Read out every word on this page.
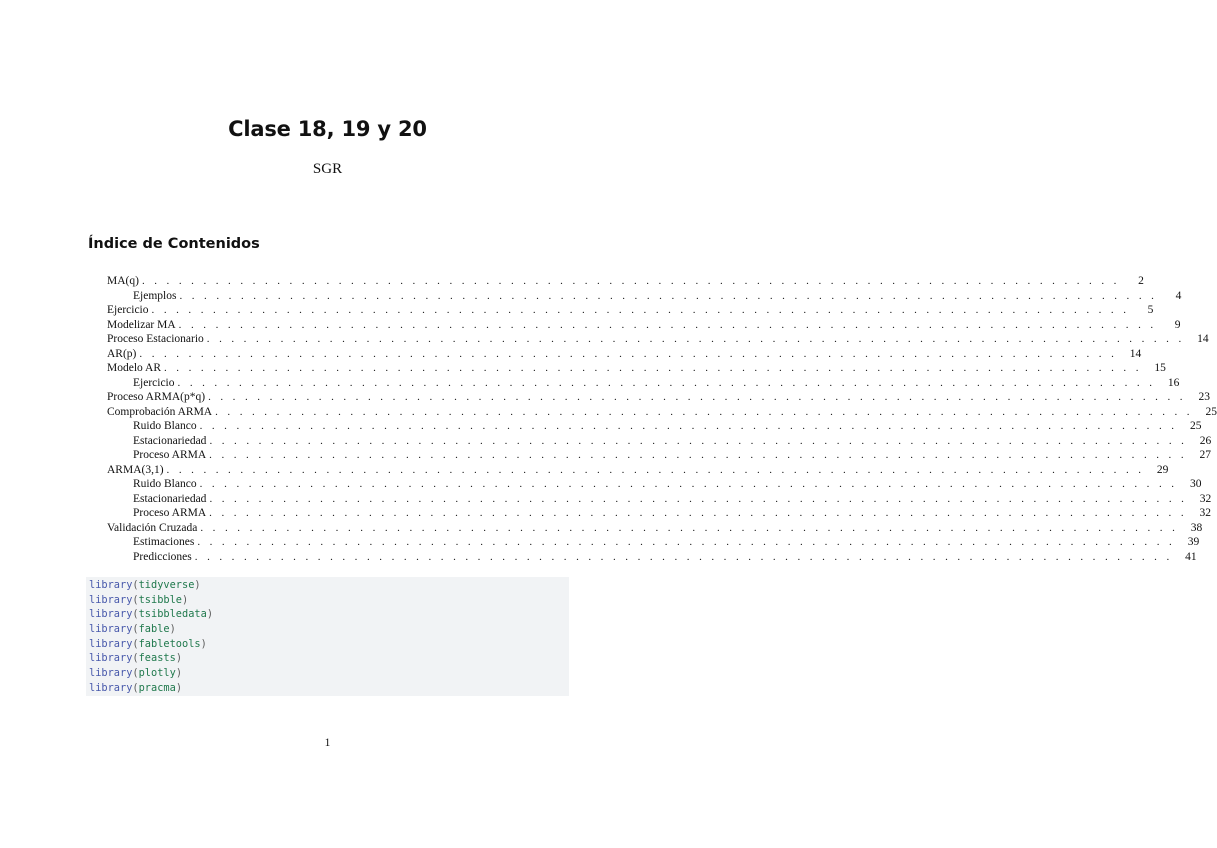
Clase 18, 19 y 20
SGR
Índice de Contenidos
MA(q) . . . . . . . . . . . . . . . . . . . . . . . . . . . . . . . . . . . . . . . . . . . . . . . . . . . . . . . . . . . . . . . . . . . . . . . . . . . . . . . .	2
Ejemplos . . . . . . . . . . . . . . . . . . . . . . . . . . . . . . . . . . . . . . . . . . . . . . . . . . . . . . . . . . . . . . . . . . . . . . . . . . . . . . . .	4
Ejercicio . . . . . . . . . . . . . . . . . . . . . . . . . . . . . . . . . . . . . . . . . . . . . . . . . . . . . . . . . . . . . . . . . . . . . . . . . . . . . . . .	5
Modelizar MA . . . . . . . . . . . . . . . . . . . . . . . . . . . . . . . . . . . . . . . . . . . . . . . . . . . . . . . . . . . . . . . . . . . . . . . . . . . . . . . .	9
Proceso Estacionario . . . . . . . . . . . . . . . . . . . . . . . . . . . . . . . . . . . . . . . . . . . . . . . . . . . . . . . . . . . . . . . . . . . . . . . . . . . . . . . .	14
AR(p) . . . . . . . . . . . . . . . . . . . . . . . . . . . . . . . . . . . . . . . . . . . . . . . . . . . . . . . . . . . . . . . . . . . . . . . . . . . . . . . .	14
Modelo AR . . . . . . . . . . . . . . . . . . . . . . . . . . . . . . . . . . . . . . . . . . . . . . . . . . . . . . . . . . . . . . . . . . . . . . . . . . . . . . . .	15
Ejercicio . . . . . . . . . . . . . . . . . . . . . . . . . . . . . . . . . . . . . . . . . . . . . . . . . . . . . . . . . . . . . . . . . . . . . . . . . . . . . . . .	16
Proceso ARMA(p*q) . . . . . . . . . . . . . . . . . . . . . . . . . . . . . . . . . . . . . . . . . . . . . . . . . . . . . . . . . . . . . . . . . . . . . . . . . . . . . . . .	23
Comprobación ARMA . . . . . . . . . . . . . . . . . . . . . . . . . . . . . . . . . . . . . . . . . . . . . . . . . . . . . . . . . . . . . . . . . . . . . . . . . . . . . . . .	25
Ruido Blanco . . . . . . . . . . . . . . . . . . . . . . . . . . . . . . . . . . . . . . . . . . . . . . . . . . . . . . . . . . . . . . . . . . . . . . . . . . . . . . . .	25
Estacionariedad . . . . . . . . . . . . . . . . . . . . . . . . . . . . . . . . . . . . . . . . . . . . . . . . . . . . . . . . . . . . . . . . . . . . . . . . . . . . . . . .	26
Proceso ARMA . . . . . . . . . . . . . . . . . . . . . . . . . . . . . . . . . . . . . . . . . . . . . . . . . . . . . . . . . . . . . . . . . . . . . . . . . . . . . . . .	27
ARMA(3,1) . . . . . . . . . . . . . . . . . . . . . . . . . . . . . . . . . . . . . . . . . . . . . . . . . . . . . . . . . . . . . . . . . . . . . . . . . . . . . . . .	29
Ruido Blanco . . . . . . . . . . . . . . . . . . . . . . . . . . . . . . . . . . . . . . . . . . . . . . . . . . . . . . . . . . . . . . . . . . . . . . . . . . . . . . . .	30
Estacionariedad . . . . . . . . . . . . . . . . . . . . . . . . . . . . . . . . . . . . . . . . . . . . . . . . . . . . . . . . . . . . . . . . . . . . . . . . . . . . . . . .	32
Proceso ARMA . . . . . . . . . . . . . . . . . . . . . . . . . . . . . . . . . . . . . . . . . . . . . . . . . . . . . . . . . . . . . . . . . . . . . . . . . . . . . . . .	32
Validación Cruzada . . . . . . . . . . . . . . . . . . . . . . . . . . . . . . . . . . . . . . . . . . . . . . . . . . . . . . . . . . . . . . . . . . . . . . . . . . . . . . . .	38
Estimaciones . . . . . . . . . . . . . . . . . . . . . . . . . . . . . . . . . . . . . . . . . . . . . . . . . . . . . . . . . . . . . . . . . . . . . . . . . . . . . . . .	39
Predicciones . . . . . . . . . . . . . . . . . . . . . . . . . . . . . . . . . . . . . . . . . . . . . . . . . . . . . . . . . . . . . . . . . . . . . . . . . . . . . . . .	41
library(tidyverse)
library(tsibble)
library(tsibbledata)
library(fable)
library(fabletools)
library(feasts)
library(plotly)
library(pracma)
1
